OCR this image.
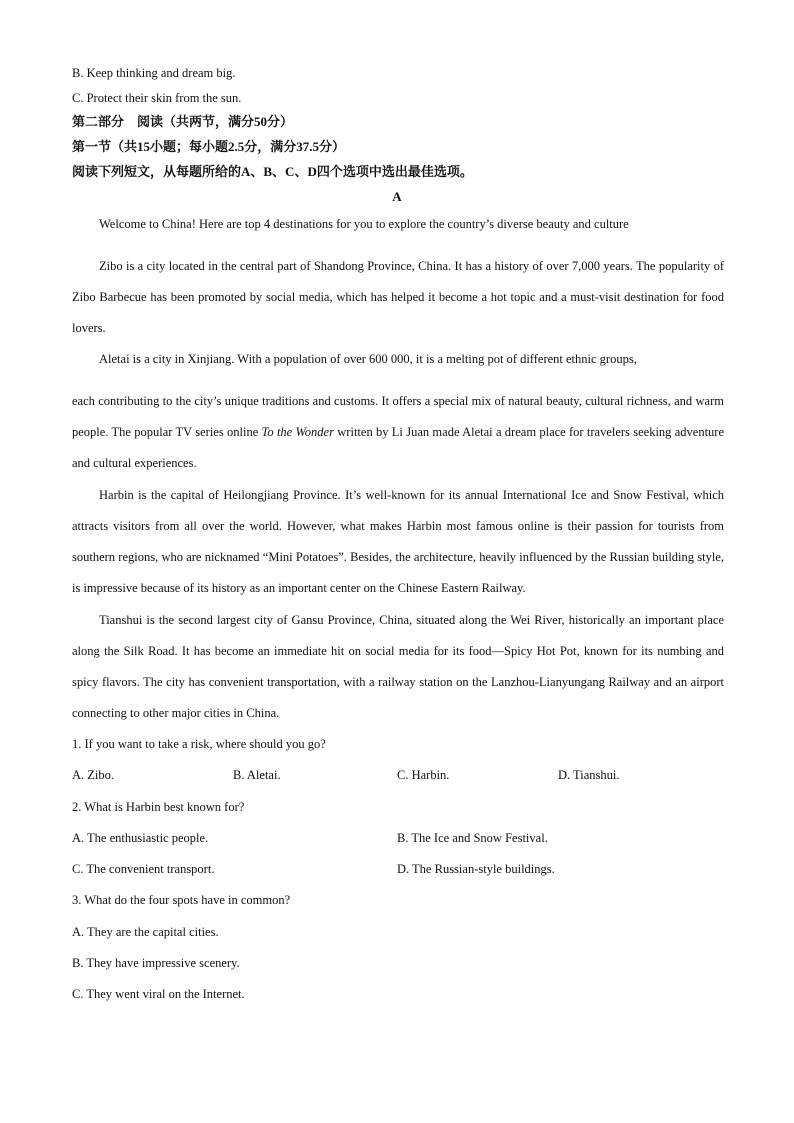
B. Keep thinking and dream big.
C. Protect their skin from the sun.
第二部分　阅读（共两节，满分50分）
第一节（共15小题；每小题2.5分，满分37.5分）
阅读下列短文，从每题所给的A、B、C、D四个选项中选出最佳选项。
A
Welcome to China! Here are top 4 destinations for you to explore the country’s diverse beauty and culture
Zibo is a city located in the central part of Shandong Province, China. It has a history of over 7,000 years. The popularity of Zibo Barbecue has been promoted by social media, which has helped it become a hot topic and a must-visit destination for food lovers.
Aletai is a city in Xinjiang. With a population of over 600 000, it is a melting pot of different ethnic groups,
each contributing to the city’s unique traditions and customs. It offers a special mix of natural beauty, cultural richness, and warm people. The popular TV series online To the Wonder written by Li Juan made Aletai a dream place for travelers seeking adventure and cultural experiences.
Harbin is the capital of Heilongjiang Province. It’s well-known for its annual International Ice and Snow Festival, which attracts visitors from all over the world. However, what makes Harbin most famous online is their passion for tourists from southern regions, who are nicknamed “Mini Potatoes”. Besides, the architecture, heavily influenced by the Russian building style, is impressive because of its history as an important center on the Chinese Eastern Railway.
Tianshui is the second largest city of Gansu Province, China, situated along the Wei River, historically an important place along the Silk Road. It has become an immediate hit on social media for its food—Spicy Hot Pot, known for its numbing and spicy flavors. The city has convenient transportation, with a railway station on the Lanzhou-Lianyungang Railway and an airport connecting to other major cities in China.
1. If you want to take a risk, where should you go?
A. Zibo.	B. Aletai.	C. Harbin.	D. Tianshui.
2. What is Harbin best known for?
A. The enthusiastic people.	B. The Ice and Snow Festival.
C. The convenient transport.	D. The Russian-style buildings.
3. What do the four spots have in common?
A. They are the capital cities.
B. They have impressive scenery.
C. They went viral on the Internet.
